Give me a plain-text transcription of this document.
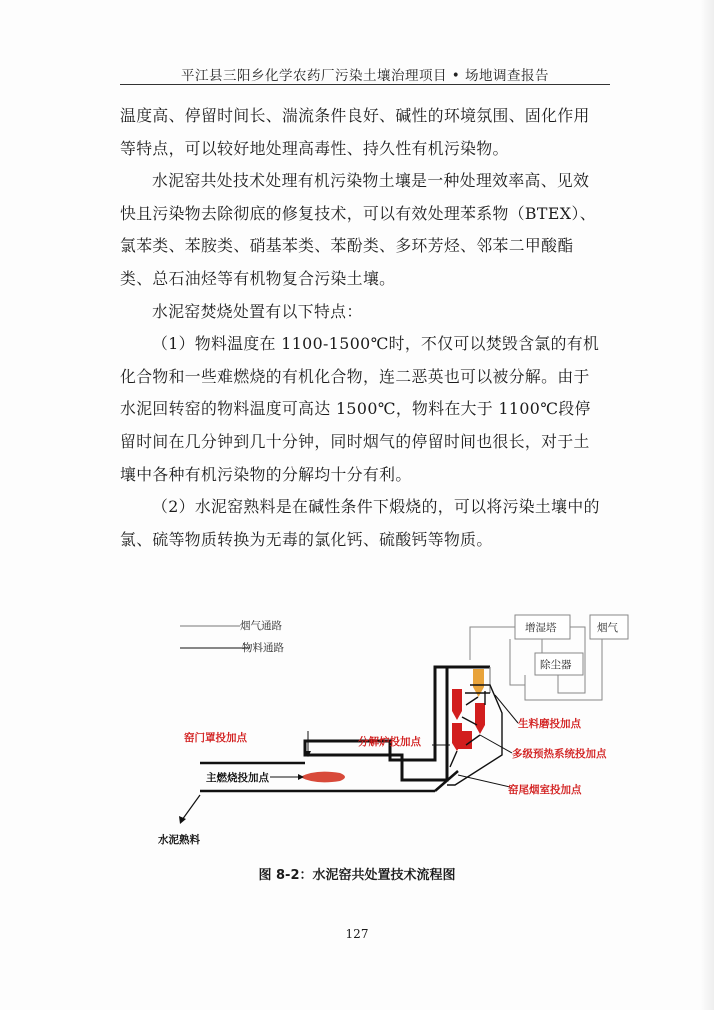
平江县三阳乡化学农药厂污染土壤治理项目 • 场地调查报告

温度高、停留时间长、湍流条件良好、碱性的环境氛围、固化作用等特点，可以较好地处理高毒性、持久性有机污染物。

水泥窑共处技术处理有机污染物土壤是一种处理效率高、见效快且污染物去除彻底的修复技术，可以有效处理苯系物（BTEX）、氯苯类、苯胺类、硝基苯类、苯酚类、多环芳烃、邻苯二甲酸酯类、总石油烃等有机物复合污染土壤。

水泥窑焚烧处置有以下特点：

（1）物料温度在 1100-1500℃时，不仅可以焚毁含氯的有机化合物和一些难燃烧的有机化合物，连二恶英也可以被分解。由于水泥回转窑的物料温度可高达 1500℃，物料在大于 1100℃段停留时间在几分钟到几十分钟，同时烟气的停留时间也很长，对于土壤中各种有机污染物的分解均十分有利。

（2）水泥窑熟料是在碱性条件下煅烧的，可以将污染土壤中的氯、硫等物质转换为无毒的氯化钙、硫酸钙等物质。

烟气通路
物料通路
增湿塔	烟气
除尘器
生料磨投加点
窑门罩投加点	分解炉投加点
多级预热系统投加点
主燃烧投加点
窑尾烟室投加点
水泥熟料
图 8-2：水泥窑共处置技术流程图
127
